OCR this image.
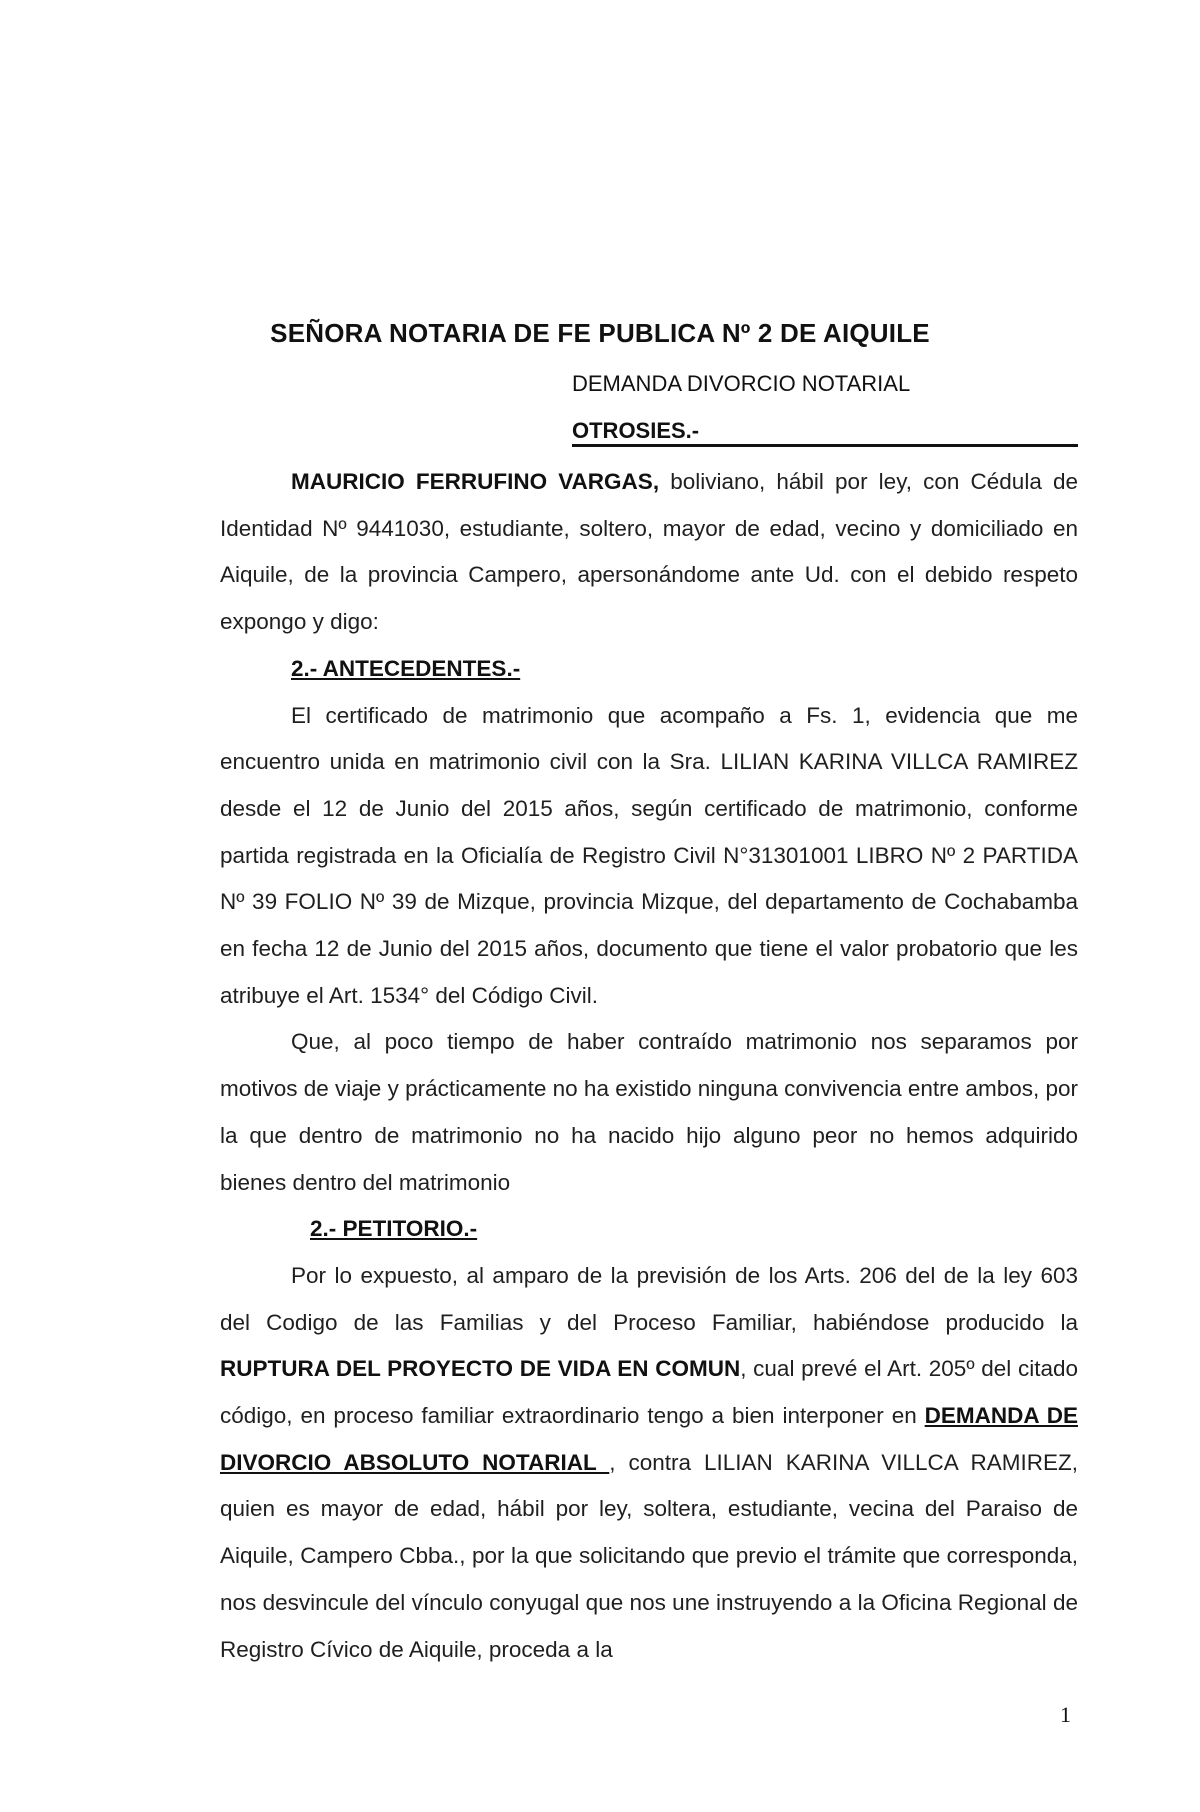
SEÑORA NOTARIA DE FE PUBLICA Nº 2 DE AIQUILE
DEMANDA DIVORCIO NOTARIAL
OTROSIES.-

MAURICIO FERRUFINO VARGAS, boliviano, hábil por ley, con Cédula de Identidad Nº 9441030, estudiante, soltero, mayor de edad, vecino y domiciliado en Aiquile, de la provincia Campero, apersonándome ante Ud. con el debido respeto expongo y digo:

2.- ANTECEDENTES.-

El certificado de matrimonio que acompaño a Fs. 1, evidencia que me encuentro unida en matrimonio civil con la Sra. LILIAN KARINA VILLCA RAMIREZ desde el 12 de Junio del 2015 años, según certificado de matrimonio, conforme partida registrada en la Oficialía de Registro Civil N°31301001 LIBRO Nº 2 PARTIDA Nº 39 FOLIO Nº 39 de Mizque, provincia Mizque, del departamento de Cochabamba en fecha 12 de Junio del 2015 años, documento que tiene el valor probatorio que les atribuye el Art. 1534° del Código Civil.

Que, al poco tiempo de haber contraído matrimonio nos separamos por motivos de viaje y prácticamente no ha existido ninguna convivencia entre ambos, por la que dentro de matrimonio no ha nacido hijo alguno peor no hemos adquirido bienes dentro del matrimonio

2.- PETITORIO.-

Por lo expuesto, al amparo de la previsión de los Arts. 206 del de la ley 603 del Codigo de las Familias y del Proceso Familiar, habiéndose producido la RUPTURA DEL PROYECTO DE VIDA EN COMUN, cual prevé el Art. 205º del citado código, en proceso familiar extraordinario tengo a bien interponer en DEMANDA DE DIVORCIO ABSOLUTO NOTARIAL , contra LILIAN KARINA VILLCA RAMIREZ, quien es mayor de edad, hábil por ley, soltera, estudiante, vecina del Paraiso de Aiquile, Campero Cbba., por la que solicitando que previo el trámite que corresponda, nos desvincule del vínculo conyugal que nos une instruyendo a la Oficina Regional de Registro Cívico de Aiquile, proceda a la

1
